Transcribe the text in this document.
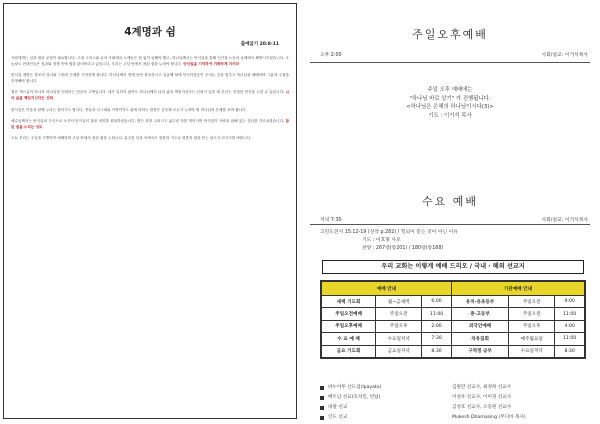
4계명과 쉼
출애굽기 20:8-11

사람에게는 일과 쉼의 균형이 필요합니다. 고대 그리스와 로마 사회에서 노예들은 쉼 없이 일해야 했고, 하나님께서는 안식일을 통해 인간을 노동의 굴레에서 해방시키셨습니다. 오늘날도 현대인들은 성과와 경쟁 속에 쉼을 잃어버리고 있습니다. 우리는 주님 안에서 참된 쉼을 누려야 합니다. 안식일을 기억하여 거룩하게 지키라

안식일 계명은 창조의 질서와 구원의 은혜를 기억하게 합니다. 하나님께서 엿새 동안 창조하시고 일곱째 날에 안식하셨듯이 우리도 일을 멈추고 하나님을 예배하며 그분의 주권을 인정해야 합니다.

쉼은 게으름이 아니라 하나님을 신뢰하는 믿음의 고백입니다. 내가 일하지 않아도 하나님께서 나의 삶을 책임지신다는 신뢰가 있을 때 우리는 진정한 안식을 누릴 수 있습니다. 나의 삶을 책임지신다는 신뢰

안식일은 이웃과 함께 누리는 쉼이기도 합니다. 종들과 나그네와 가축까지도 쉬게 하라는 말씀은 공동체 모두가 누려야 할 하나님의 은혜를 보여 줍니다.

예수님께서는 안식일의 주인으로 오셔서 안식일의 참된 의미를 회복하셨습니다. 병든 자를 고치시고 굶주린 자를 먹이시며 안식일이 사람을 위해 있는 것임을 가르치셨습니다. 참된 쉼을 누리는 성도

오늘 우리는 주일을 구별하여 예배하며 주님 안에서 참된 쉼을 누립니다. 분주한 일상 속에서도 말씀과 기도로 영혼의 쉼을 얻는 성도가 되시기를 바랍니다.

주일오후예배
오후 2:00	사회/설교: 이거석목사
주일 오후 예배에는
"하나님 바로 알기" 가 진행됩니다.
<하나님은 은혜의 하나님이시다(3)>
기도 : 이기석 목사
수요 예배
저녁 7:30	사회/설교: 이거석목사
고린도전서 15:12-19 (신약 p.282) / 헛되이 믿는 것이 아닌 이유
기도 : 이호철 사모
찬양 : 267장(통201) / 180장(통168)
우리 교회는 이렇게 예배 드리오 / 국내 · 해외 선교지
예배 안내			기관예배 안내		
새벽 기도회	월~금새벽	6:00	유치·유초등부	주일오전	9:00
주일오전예배	주일오전	11:00	중·고등부	주일오전	11:00
주일오후예배	주일오후	2:00	외국인예배	주일오후	4:00
수 요 예 배	수요일저녁	7:30	치유집회	매주월요일	11:00
금요 기도회	금요일저녁	8:30	구역정 공부	수요일저녁	8:30
바누아투 산도섬(Ipayato)	김원만 선교사, 최경희 선교사
베트남 선교(호치민, 빈탑)	이성우 선교사, 이미경 선교사
네팔 선교	김성호 선교사, 오동원 선교사
인도 선교	Mukesh Dhamasing (무디바 목사)
